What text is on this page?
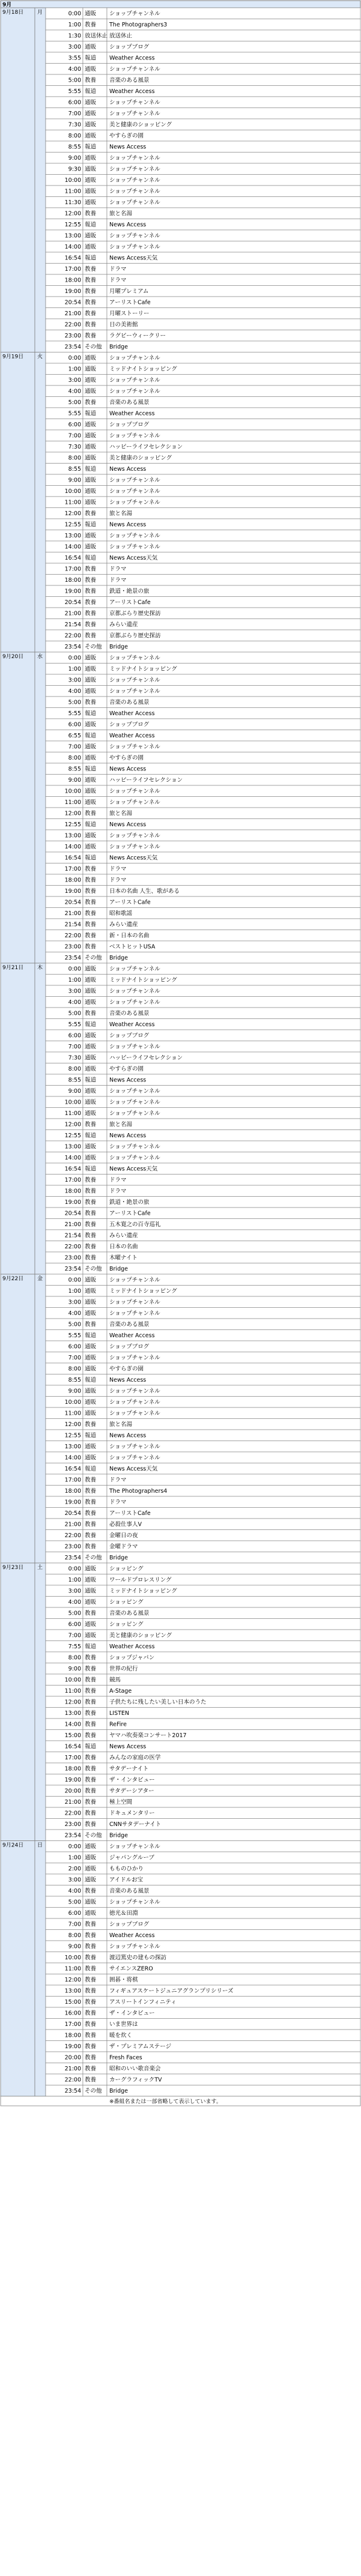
9月
9月18日	月	0:00 通販 ショップチャンネル
1:00 教養 The Photographers3
1:30 放送休止 放送休止
3:00 通販 ショップブログ
3:55 報道 Weather Access
4:00 通販 ショップチャンネル
5:00 教養 音楽のある風景
5:55 報道 Weather Access
6:00 通販 ショップチャンネル
7:00 通販 ショップチャンネル
7:30 通販 美と健康のショッピング
8:00 通販 やすらぎの園
8:55 報道 News Access
9:00 通販 ショップチャンネル
9:30 通販 ショップチャンネル
10:00 通販 ショップチャンネル
11:00 通販 ショップチャンネル
11:30 通販 ショップチャンネル
12:00 教養 旅と名湯
12:55 報道 News Access
13:00 通販 ショップチャンネル
14:00 通販 ショップチャンネル
16:54 報道 News Access天気
17:00 教養 ドラマ
18:00 教養 ドラマ
19:00 教養 月曜プレミアム
20:54 教養 アーリストCafe
21:00 教養 月曜ストーリー
22:00 教養 日の美術館
23:00 教養 ラグビーウィークリー
23:54 その他 Bridge
9月19日	火	0:00 通販 ショップチャンネル
1:00 通販 ミッドナイトショッピング
3:00 通販 ショップチャンネル
4:00 通販 ショップチャンネル
5:00 教養 音楽のある風景
5:55 報道 Weather Access
6:00 通販 ショップブログ
7:00 通販 ショップチャンネル
7:30 通販 ハッピーライフセレクション
8:00 通販 美と健康のショッピング
8:55 報道 News Access
9:00 通販 ショップチャンネル
10:00 通販 ショップチャンネル
11:00 通販 ショップチャンネル
12:00 教養 旅と名湯
12:55 報道 News Access
13:00 通販 ショップチャンネル
14:00 通販 ショップチャンネル
16:54 報道 News Access天気
17:00 教養 ドラマ
18:00 教養 ドラマ
19:00 教養 鉄道・絶景の旅
20:54 教養 アーリストCafe
21:00 教養 京都ぶらり歴史探訪
21:54 教養 みらい遺産
22:00 教養 京都ぶらり歴史探訪
23:54 その他 Bridge
9月20日	水	0:00 通販 ショップチャンネル
1:00 通販 ミッドナイトショッピング
3:00 通販 ショップチャンネル
4:00 通販 ショップチャンネル
5:00 教養 音楽のある風景
5:55 報道 Weather Access
6:00 通販 ショップブログ
6:55 報道 Weather Access
7:00 通販 ショップチャンネル
8:00 通販 やすらぎの園
8:55 報道 News Access
9:00 通販 ハッピーライフセレクション
10:00 通販 ショップチャンネル
11:00 通販 ショップチャンネル
12:00 教養 旅と名湯
12:55 報道 News Access
13:00 通販 ショップチャンネル
14:00 通販 ショップチャンネル
16:54 報道 News Access天気
17:00 教養 ドラマ
18:00 教養 ドラマ
19:00 教養 日本の名曲 人生、歌がある
20:54 教養 アーリストCafe
21:00 教養 昭和歌謡
21:54 教養 みらい遺産
22:00 教養 新・日本の名曲
23:00 教養 ベストヒットUSA
23:54 その他 Bridge
9月21日	木	0:00 通販 ショップチャンネル
1:00 通販 ミッドナイトショッピング
3:00 通販 ショップチャンネル
4:00 通販 ショップチャンネル
5:00 教養 音楽のある風景
5:55 報道 Weather Access
6:00 通販 ショップブログ
7:00 通販 ショップチャンネル
7:30 通販 ハッピーライフセレクション
8:00 通販 やすらぎの園
8:55 報道 News Access
9:00 通販 ショップチャンネル
10:00 通販 ショップチャンネル
11:00 通販 ショップチャンネル
12:00 教養 旅と名湯
12:55 報道 News Access
13:00 通販 ショップチャンネル
14:00 通販 ショップチャンネル
16:54 報道 News Access天気
17:00 教養 ドラマ
18:00 教養 ドラマ
19:00 教養 鉄道・絶景の旅
20:54 教養 アーリストCafe
21:00 教養 五木寛之の百寺巡礼
21:54 教養 みらい遺産
22:00 教養 日本の名曲
23:00 教養 木曜ナイト
23:54 その他 Bridge
9月22日	金	0:00 通販 ショップチャンネル
1:00 通販 ミッドナイトショッピング
3:00 通販 ショップチャンネル
4:00 通販 ショップチャンネル
5:00 教養 音楽のある風景
5:55 報道 Weather Access
6:00 通販 ショップブログ
7:00 通販 ショップチャンネル
8:00 通販 やすらぎの園
8:55 報道 News Access
9:00 通販 ショップチャンネル
10:00 通販 ショップチャンネル
11:00 通販 ショップチャンネル
12:00 教養 旅と名湯
12:55 報道 News Access
13:00 通販 ショップチャンネル
14:00 通販 ショップチャンネル
16:54 報道 News Access天気
17:00 教養 ドラマ
18:00 教養 The Photographers4
19:00 教養 ドラマ
20:54 教養 アーリストCafe
21:00 教養 必殺仕事人V
22:00 教養 金曜日の夜
23:00 教養 金曜ドラマ
23:54 その他 Bridge
9月23日	土	0:00 通販 ショッピング
1:00 通販 ワールドプロレスリング
3:00 通販 ミッドナイトショッピング
4:00 通販 ショッピング
5:00 教養 音楽のある風景
6:00 通販 ショッピング
7:00 通販 美と健康のショッピング
7:55 報道 Weather Access
8:00 教養 ショップジャパン
9:00 教養 世界の紀行
10:00 教養 競馬
11:00 教養 A-Stage
12:00 教養 子供たちに残したい美しい日本のうた
13:00 教養 LISTEN
14:00 教養 ReFire
15:00 教養 ヤマハ吹奏楽コンサート2017
16:54 報道 News Access
17:00 教養 みんなの家庭の医学
18:00 教養 サタデーナイト
19:00 教養 ザ・インタビュー
20:00 教養 サタデーシアター
21:00 教養 極上空間
22:00 教養 ドキュメンタリー
23:00 教養 CNNサタデーナイト
23:54 その他 Bridge
9月24日	日	0:00 通販 ショップチャンネル
1:00 通販 ジャパングルーブ
2:00 通販 もものひかり
3:00 通販 アイドルお宝
4:00 教養 音楽のある風景
5:00 通販 ショップチャンネル
6:00 通販 徳光＆田淵
7:00 教養 ショップブログ
8:00 教養 Weather Access
9:00 教養 ショップチャンネル
10:00 教養 渡辺篤史の建もの探訪
11:00 教養 サイエンスZERO
12:00 教養 囲碁・将棋
13:00 教養 フィギュアスケートジュニアグランプリシリーズ
15:00 教養 アスリートインフィニティ
16:00 教養 ザ・インタビュー
17:00 教養 いま世界は
18:00 教養 暖を炊く
19:00 教養 ザ・プレミアムステージ
20:00 教養 Fresh Faces
21:00 教養 昭和のいい歌音楽会
22:00 教養 カーグラフィックTV
23:54 その他 Bridge
※番組名または一部省略して表示しています。
